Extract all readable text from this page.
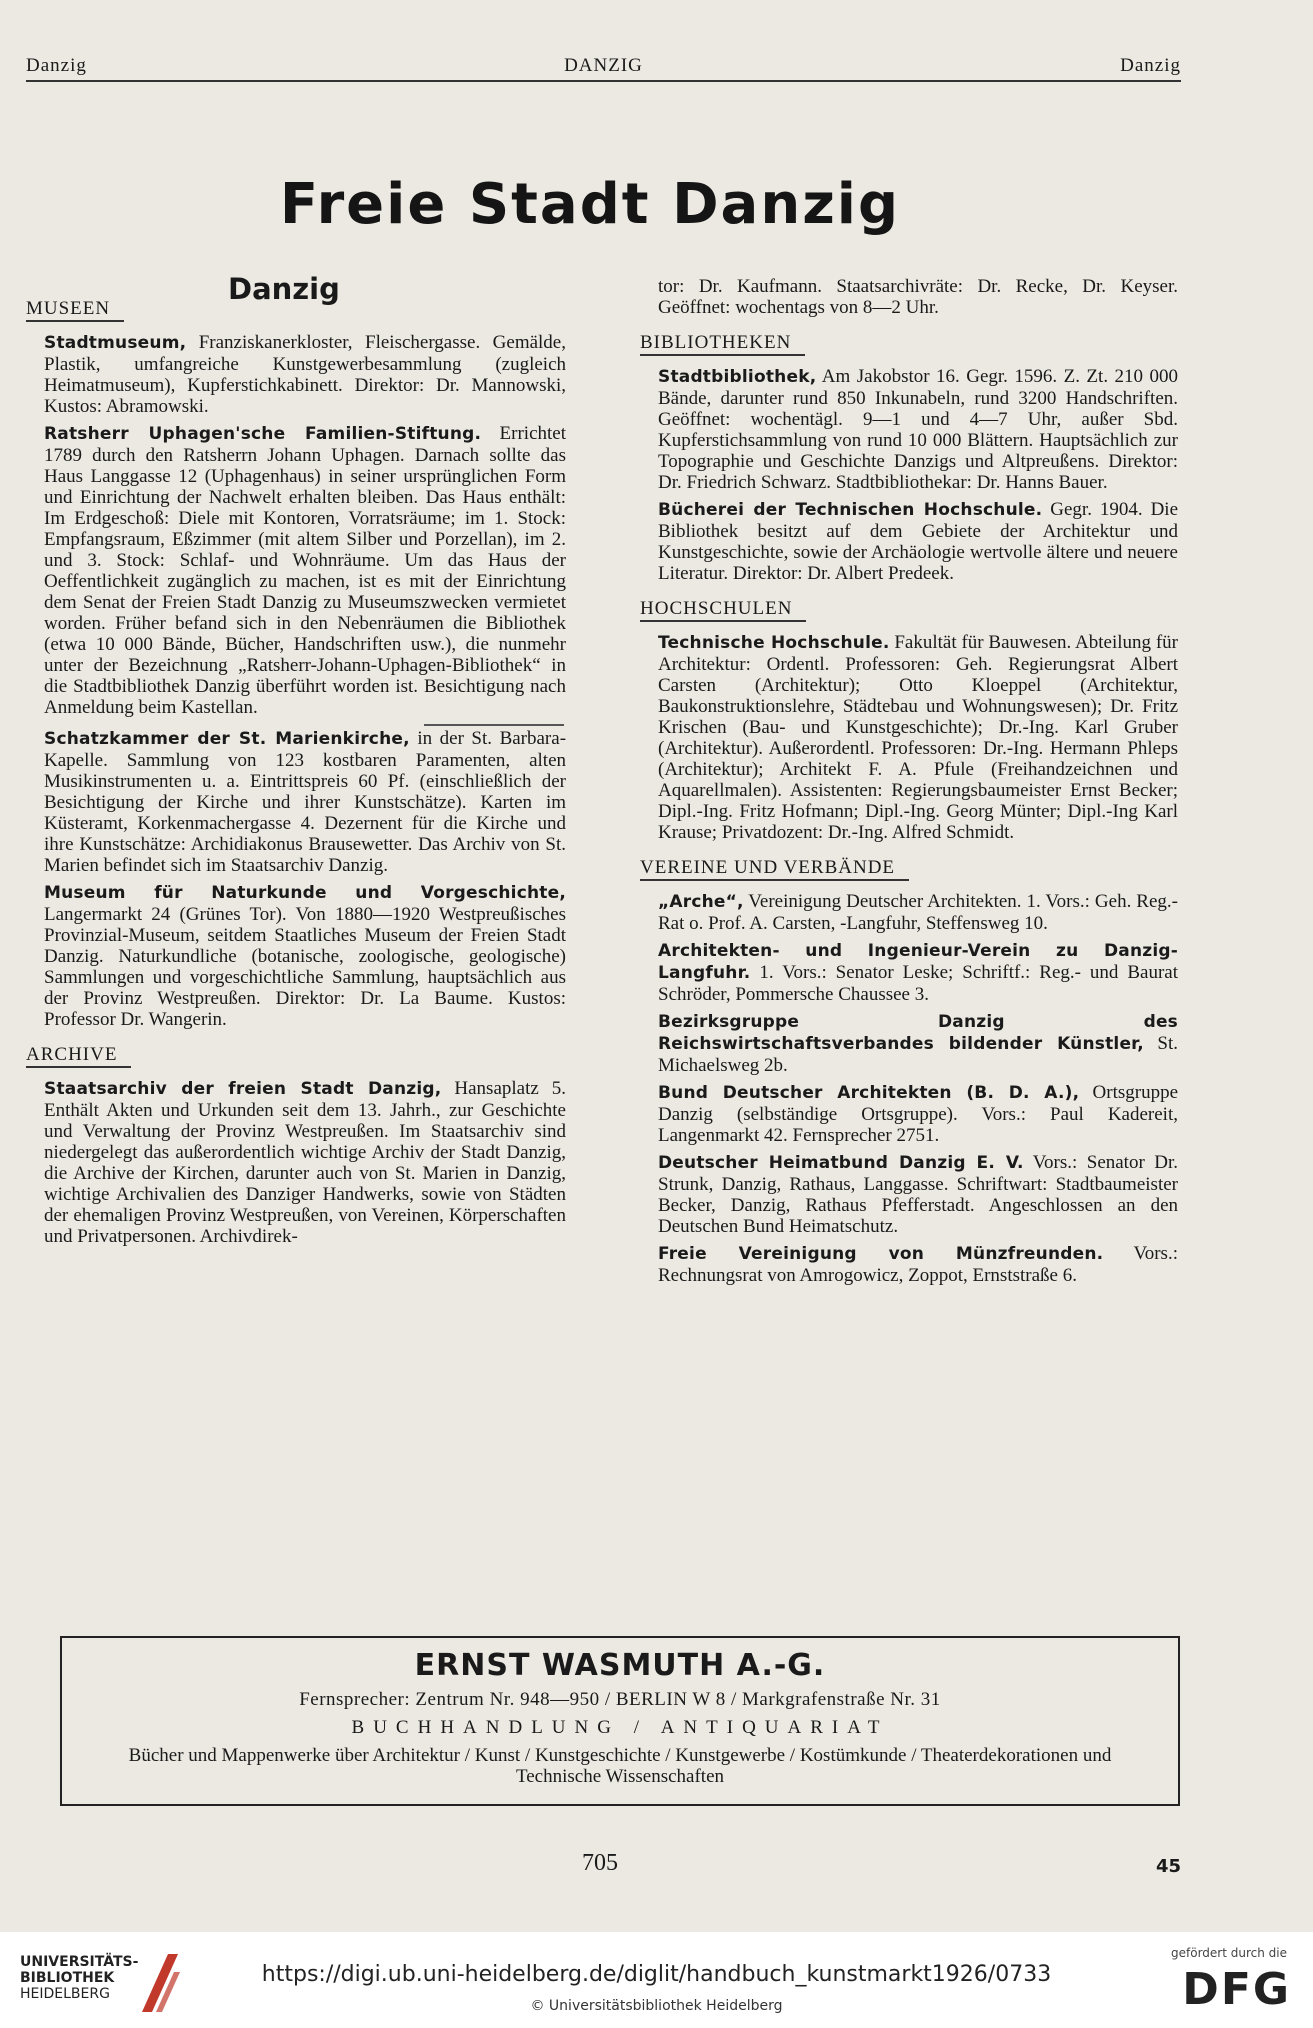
Danzig	DANZIG	Danzig
Freie Stadt Danzig
Danzig
MUSEEN

Stadtmuseum, Franziskanerkloster, Fleischergasse. Gemälde, Plastik, umfangreiche Kunstgewerbesammlung (zugleich Heimatmuseum), Kupferstichkabinett. Direktor: Dr. Mannowski, Kustos: Abramowski.

Ratsherr Uphagen'sche Familien-Stiftung. Errichtet 1789 durch den Ratsherrn Johann Uphagen. Darnach sollte das Haus Langgasse 12 (Uphagenhaus) in seiner ursprünglichen Form und Einrichtung der Nachwelt erhalten bleiben. Das Haus enthält: Im Erdgeschoß: Diele mit Kontoren, Vorratsräume; im 1. Stock: Empfangsraum, Eßzimmer (mit altem Silber und Porzellan), im 2. und 3. Stock: Schlaf- und Wohnräume. Um das Haus der Oeffentlichkeit zugänglich zu machen, ist es mit der Einrichtung dem Senat der Freien Stadt Danzig zu Museumszwecken vermietet worden. Früher befand sich in den Nebenräumen die Bibliothek (etwa 10 000 Bände, Bücher, Handschriften usw.), die nunmehr unter der Bezeichnung „Ratsherr-Johann-Uphagen-Bibliothek“ in die Stadtbibliothek Danzig überführt worden ist. Besichtigung nach Anmeldung beim Kastellan.

Schatzkammer der St. Marienkirche, in der St. Barbara-Kapelle. Sammlung von 123 kostbaren Paramenten, alten Musikinstrumenten u. a. Eintrittspreis 60 Pf. (einschließlich der Besichtigung der Kirche und ihrer Kunstschätze). Karten im Küsteramt, Korkenmachergasse 4. Dezernent für die Kirche und ihre Kunstschätze: Archidiakonus Brausewetter. Das Archiv von St. Marien befindet sich im Staatsarchiv Danzig.

Museum für Naturkunde und Vorgeschichte, Langermarkt 24 (Grünes Tor). Von 1880—1920 Westpreußisches Provinzial-Museum, seitdem Staatliches Museum der Freien Stadt Danzig. Naturkundliche (botanische, zoologische, geologische) Sammlungen und vorgeschichtliche Sammlung, hauptsächlich aus der Provinz Westpreußen. Direktor: Dr. La Baume. Kustos: Professor Dr. Wangerin.

ARCHIVE

Staatsarchiv der freien Stadt Danzig, Hansaplatz 5. Enthält Akten und Urkunden seit dem 13. Jahrh., zur Geschichte und Verwaltung der Provinz Westpreußen. Im Staatsarchiv sind niedergelegt das außerordentlich wichtige Archiv der Stadt Danzig, die Archive der Kirchen, darunter auch von St. Marien in Danzig, wichtige Archivalien des Danziger Handwerks, sowie von Städten der ehemaligen Provinz Westpreußen, von Vereinen, Körperschaften und Privatpersonen. Archivdirek-

tor: Dr. Kaufmann. Staatsarchivräte: Dr. Recke, Dr. Keyser. Geöffnet: wochentags von 8—2 Uhr.

BIBLIOTHEKEN

Stadtbibliothek, Am Jakobstor 16. Gegr. 1596. Z. Zt. 210 000 Bände, darunter rund 850 Inkunabeln, rund 3200 Handschriften. Geöffnet: wochentägl. 9—1 und 4—7 Uhr, außer Sbd. Kupferstichsammlung von rund 10 000 Blättern. Hauptsächlich zur Topographie und Geschichte Danzigs und Altpreußens. Direktor: Dr. Friedrich Schwarz. Stadtbibliothekar: Dr. Hanns Bauer.

Bücherei der Technischen Hochschule. Gegr. 1904. Die Bibliothek besitzt auf dem Gebiete der Architektur und Kunstgeschichte, sowie der Archäologie wertvolle ältere und neuere Literatur. Direktor: Dr. Albert Predeek.

HOCHSCHULEN

Technische Hochschule. Fakultät für Bauwesen. Abteilung für Architektur: Ordentl. Professoren: Geh. Regierungsrat Albert Carsten (Architektur); Otto Kloeppel (Architektur, Baukonstruktionslehre, Städtebau und Wohnungswesen); Dr. Fritz Krischen (Bau- und Kunstgeschichte); Dr.-Ing. Karl Gruber (Architektur). Außerordentl. Professoren: Dr.-Ing. Hermann Phleps (Architektur); Architekt F. A. Pfule (Freihandzeichnen und Aquarellmalen). Assistenten: Regierungsbaumeister Ernst Becker; Dipl.-Ing. Fritz Hofmann; Dipl.-Ing. Georg Münter; Dipl.-Ing Karl Krause; Privatdozent: Dr.-Ing. Alfred Schmidt.

VEREINE UND VERBÄNDE

„Arche“, Vereinigung Deutscher Architekten. 1. Vors.: Geh. Reg.-Rat o. Prof. A. Carsten, -Langfuhr, Steffensweg 10.

Architekten- und Ingenieur-Verein zu Danzig-Langfuhr. 1. Vors.: Senator Leske; Schriftf.: Reg.- und Baurat Schröder, Pommersche Chaussee 3.

Bezirksgruppe Danzig des Reichswirtschaftsverbandes bildender Künstler, St. Michaelsweg 2b.

Bund Deutscher Architekten (B. D. A.), Ortsgruppe Danzig (selbständige Ortsgruppe). Vors.: Paul Kadereit, Langenmarkt 42. Fernsprecher 2751.

Deutscher Heimatbund Danzig E. V. Vors.: Senator Dr. Strunk, Danzig, Rathaus, Langgasse. Schriftwart: Stadtbaumeister Becker, Danzig, Rathaus Pfefferstadt. Angeschlossen an den Deutschen Bund Heimatschutz.

Freie Vereinigung von Münzfreunden. Vors.: Rechnungsrat von Amrogowicz, Zoppot, Ernststraße 6.

ERNST WASMUTH A.-G.
Fernsprecher: Zentrum Nr. 948—950 / BERLIN W 8 / Markgrafenstraße Nr. 31
BUCHHANDLUNG / ANTIQUARIAT
Bücher und Mappenwerke über Architektur / Kunst / Kunstgeschichte / Kunstgewerbe / Kostümkunde / Theaterdekorationen und Technische Wissenschaften
705	45
UNIVERSITÄTS-
BIBLIOTHEK
HEIDELBERG
https://digi.ub.uni-heidelberg.de/diglit/handbuch_kunstmarkt1926/0733
© Universitätsbibliothek Heidelberg
gefördert durch die
DFG
